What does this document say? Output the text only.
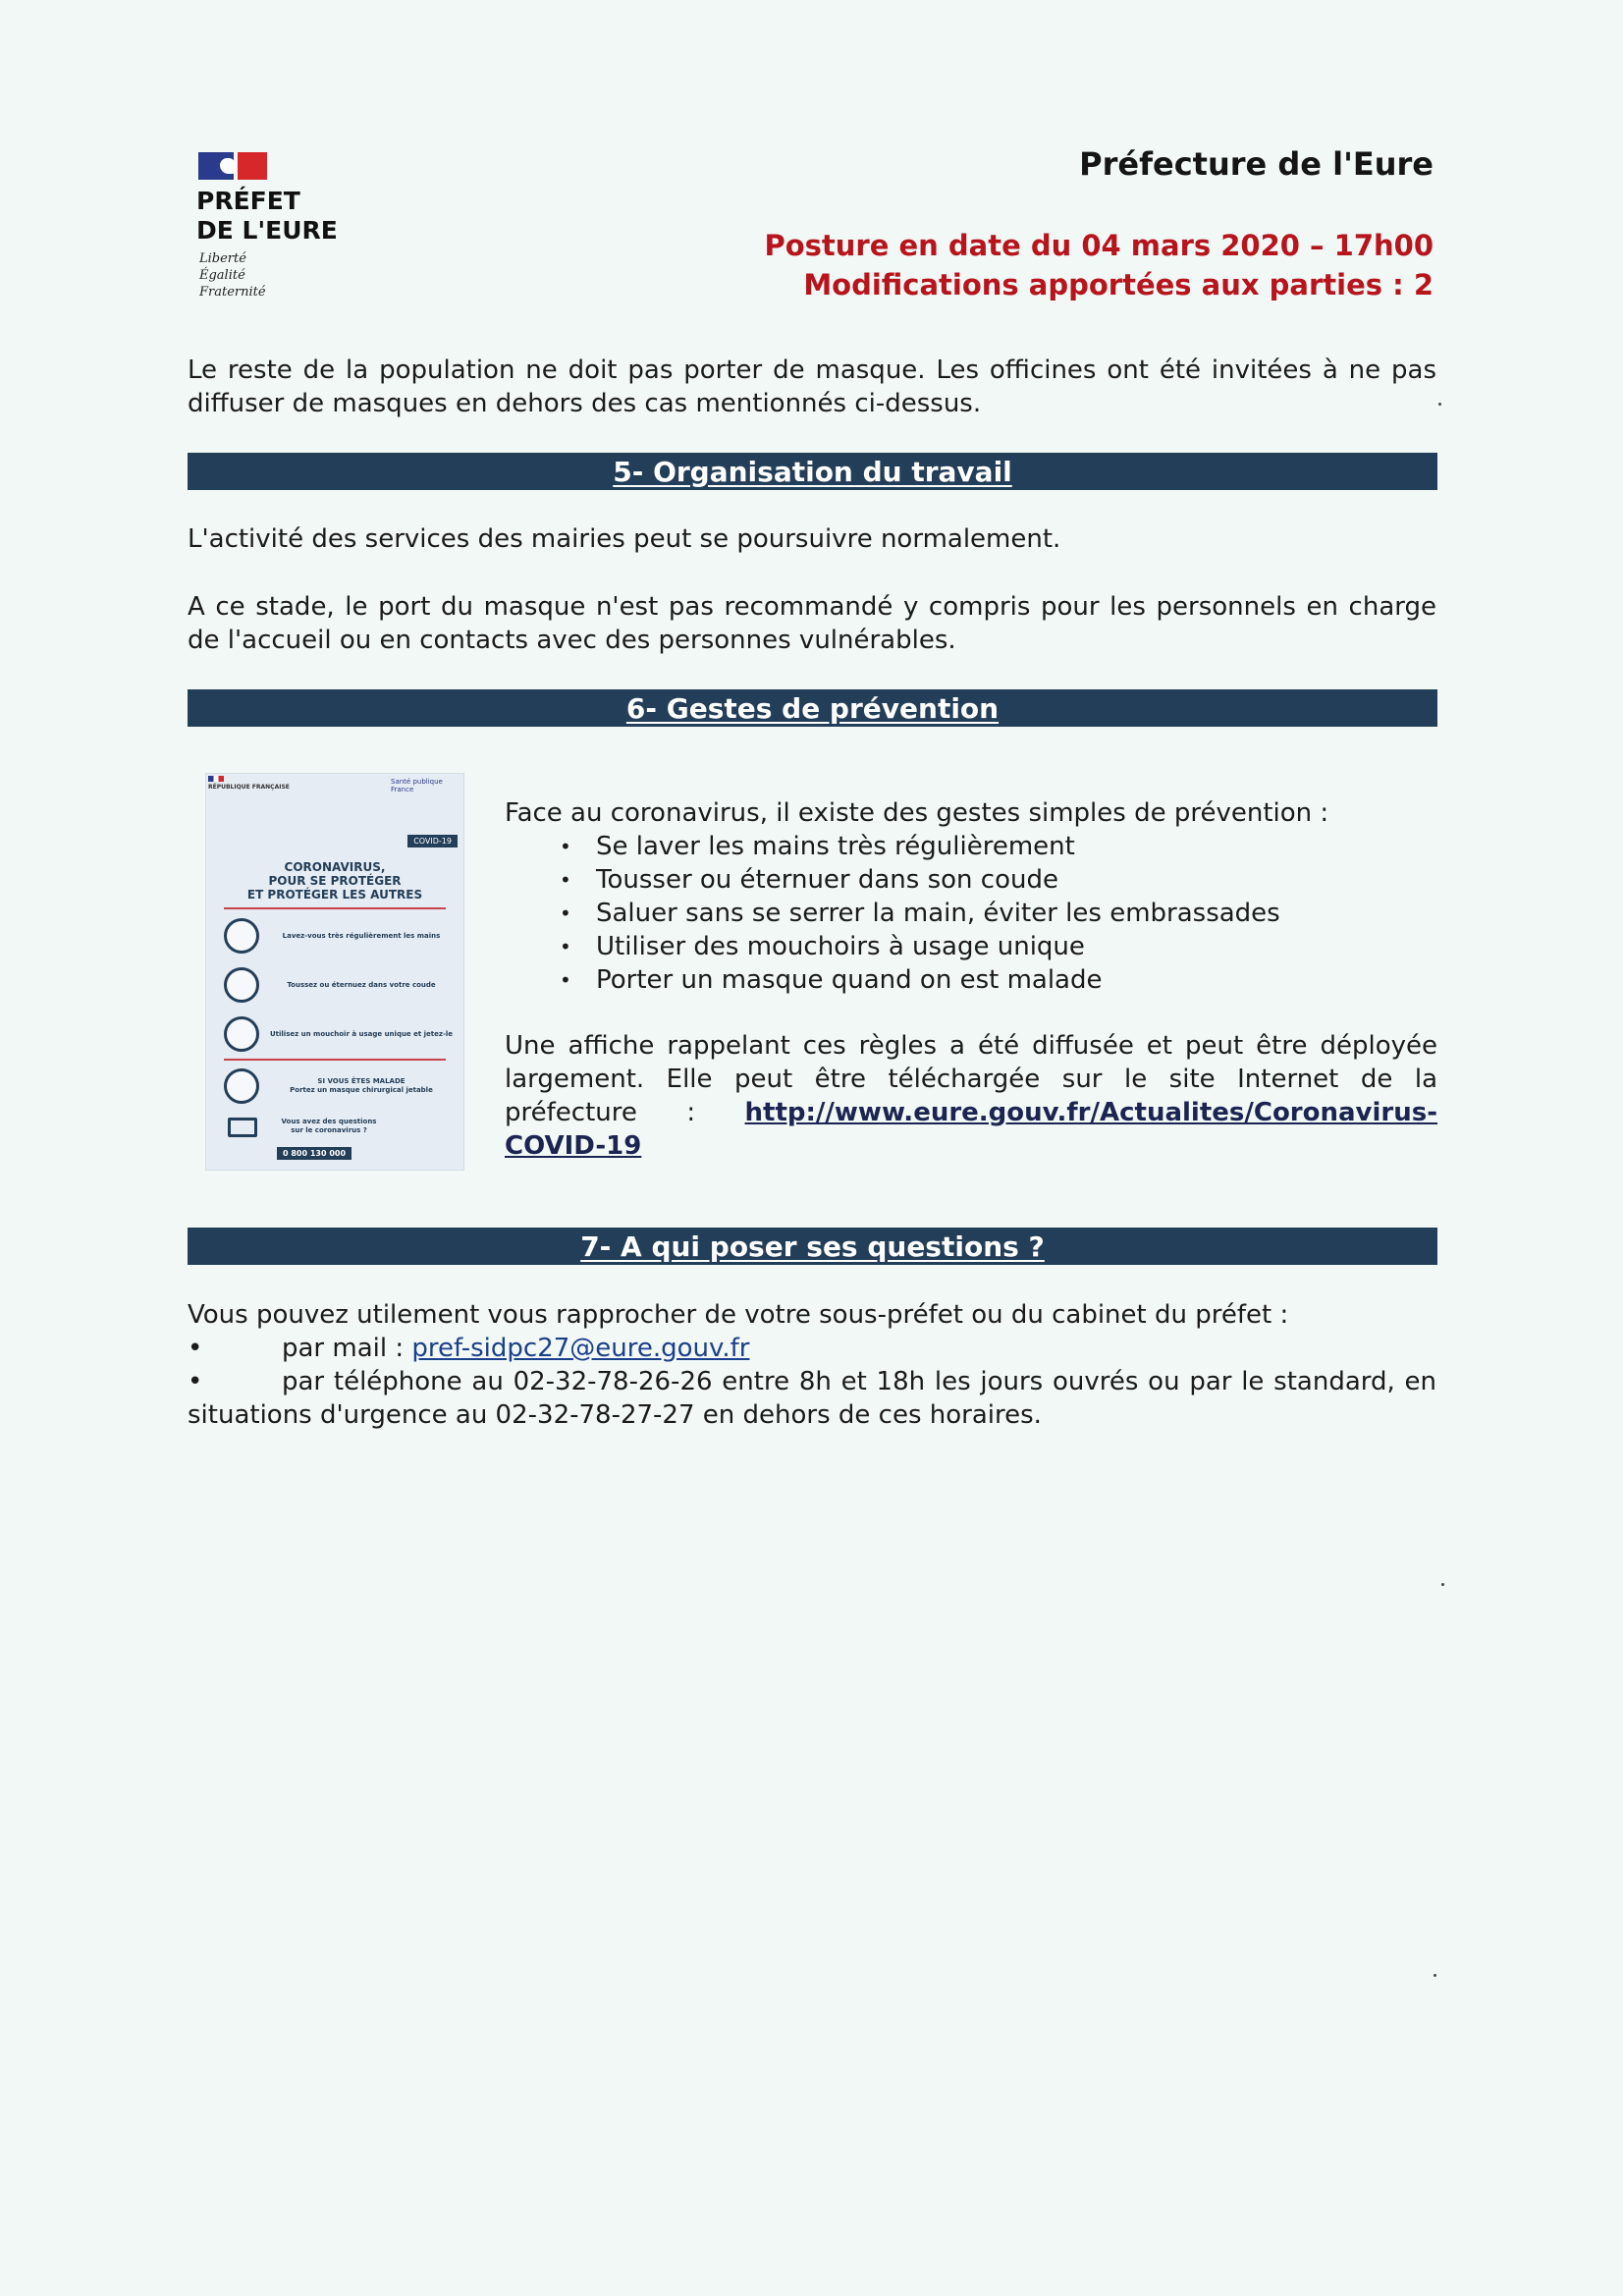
PRÉFET
DE L'EURE
Liberté
Égalité
Fraternité
Préfecture de l'Eure
Posture en date du 04 mars 2020 – 17h00
Modifications apportées aux parties : 2
Le reste de la population ne doit pas porter de masque. Les officines ont été invitées à ne pas
diffuser de masques en dehors des cas mentionnés ci-dessus.
5- Organisation du travail
L'activité des services des mairies peut se poursuivre normalement.
A ce stade, le port du masque n'est pas recommandé y compris pour les personnels en charge
de l'accueil ou en contacts avec des personnes vulnérables.
6- Gestes de prévention
RÉPUBLIQUE FRANÇAISE
Santé publique France
COVID-19
CORONAVIRUS,
POUR SE PROTÉGER
ET PROTÉGER LES AUTRES
Lavez-vous très régulièrement les mains
Toussez ou éternuez dans votre coude
Utilisez un mouchoir à usage unique et jetez-le
SI VOUS ÊTES MALADE
Portez un masque chirurgical jetable
Vous avez des questions sur le coronavirus ?
0 800 130 000
Face au coronavirus, il existe des gestes simples de prévention :
• Se laver les mains très régulièrement
• Tousser ou éternuer dans son coude
• Saluer sans se serrer la main, éviter les embrassades
• Utiliser des mouchoirs à usage unique
• Porter un masque quand on est malade
Une affiche rappelant ces règles a été diffusée et peut être déployée
largement. Elle peut être téléchargée sur le site Internet de la
préfecture : http://www.eure.gouv.fr/Actualites/Coronavirus-COVID-19
7- A qui poser ses questions ?
Vous pouvez utilement vous rapprocher de votre sous-préfet ou du cabinet du préfet :
•	par mail : pref-sidpc27@eure.gouv.fr
•	par téléphone au 02-32-78-26-26 entre 8h et 18h les jours ouvrés ou par le standard, en
situations d'urgence au 02-32-78-27-27 en dehors de ces horaires.
